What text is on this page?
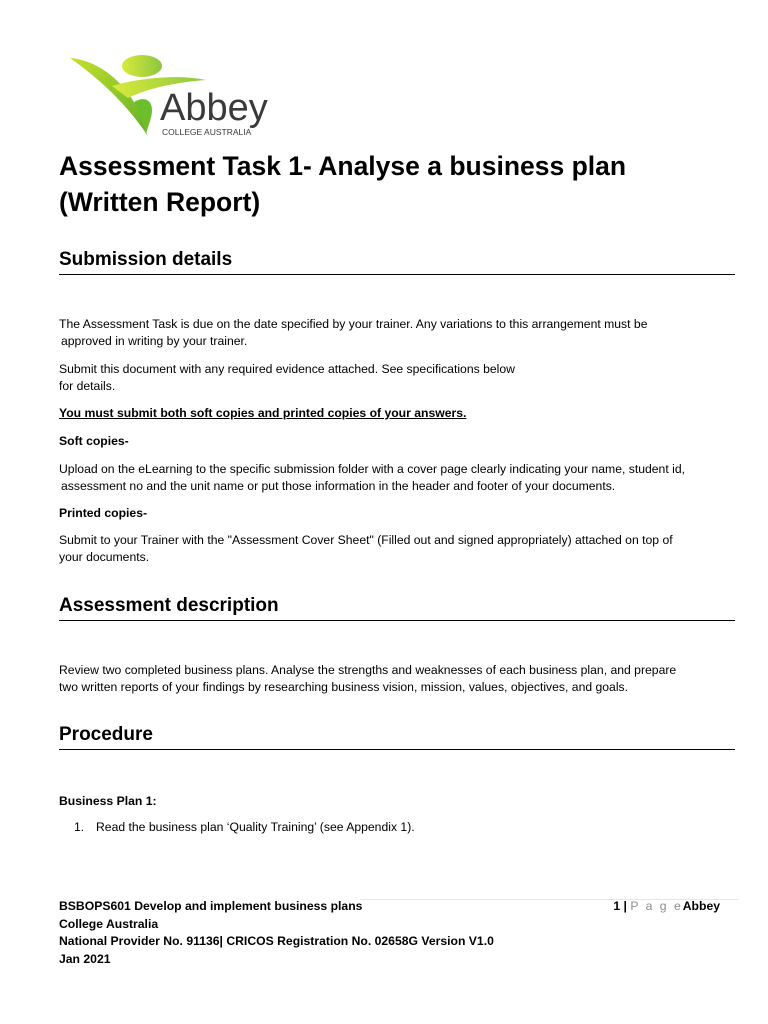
Abbey
COLLEGE AUSTRALIA
Assessment Task 1- Analyse a business plan
(Written Report)
Submission details

The Assessment Task is due on the date specified by your trainer. Any variations to this arrangement must be
approved in writing by your trainer.

Submit this document with any required evidence attached. See specifications below
for details.

You must submit both soft copies and printed copies of your answers.

Soft copies-

Upload on the eLearning to the specific submission folder with a cover page clearly indicating your name, student id,
assessment no and the unit name or put those information in the header and footer of your documents.

Printed copies-

Submit to your Trainer with the "Assessment Cover Sheet" (Filled out and signed appropriately) attached on top of
your documents.

Assessment description

Review two completed business plans. Analyse the strengths and weaknesses of each business plan, and prepare
two written reports of your findings by researching business vision, mission, values, objectives, and goals.

Procedure

Business Plan 1:

1. Read the business plan ‘Quality Training’ (see Appendix 1).
BSBOPS601 Develop and implement business plans
College Australia
National Provider No. 91136| CRICOS Registration No. 02658G Version V1.0
Jan 2021
1 | P a g eAbbey
